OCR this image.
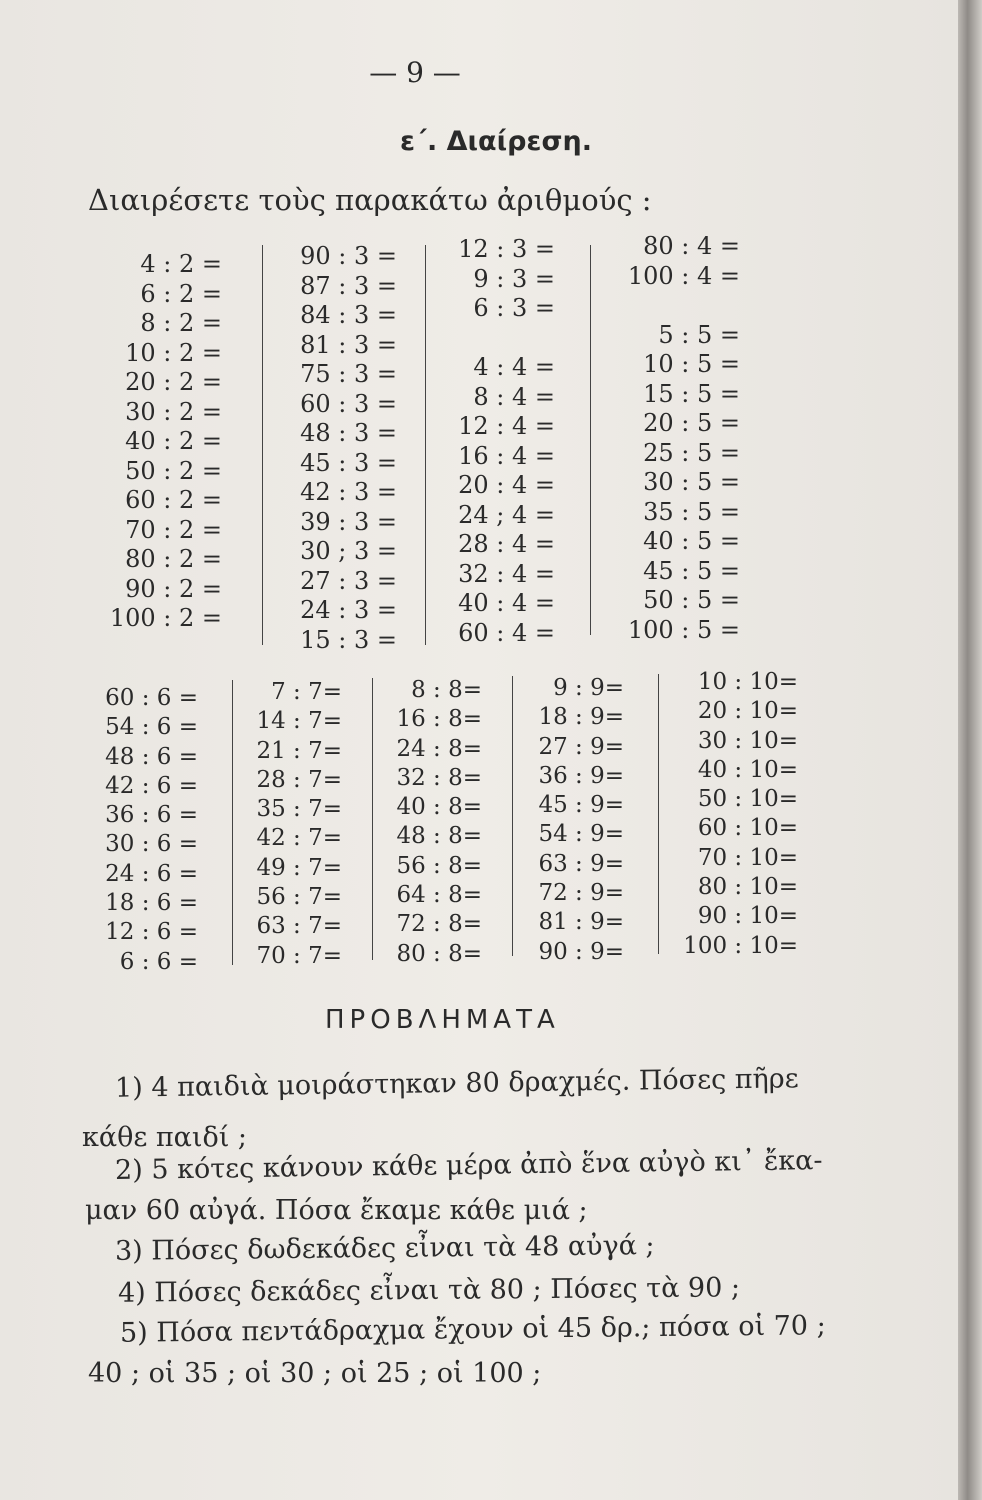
— 9 —
ε΄. Διαίρεση.
Διαιρέσετε τοὺς παρακάτω ἀριθμούς :
4 : 2 =
6 : 2 =
8 : 2 =
10 : 2 =
20 : 2 =
30 : 2 =
40 : 2 =
50 : 2 =
60 : 2 =
70 : 2 =
80 : 2 =
90 : 2 =
100 : 2 =
90 : 3 =
87 : 3 =
84 : 3 =
81 : 3 =
75 : 3 =
60 : 3 =
48 : 3 =
45 : 3 =
42 : 3 =
39 : 3 =
30 ; 3 =
27 : 3 =
24 : 3 =
15 : 3 =
12 : 3 =
9 : 3 =
6 : 3 =
4 : 4 =
8 : 4 =
12 : 4 =
16 : 4 =
20 : 4 =
24 ; 4 =
28 : 4 =
32 : 4 =
40 : 4 =
60 : 4 =
80 : 4 =
100 : 4 =
5 : 5 =
10 : 5 =
15 : 5 =
20 : 5 =
25 : 5 =
30 : 5 =
35 : 5 =
40 : 5 =
45 : 5 =
50 : 5 =
100 : 5 =
60 : 6 =
54 : 6 =
48 : 6 =
42 : 6 =
36 : 6 =
30 : 6 =
24 : 6 =
18 : 6 =
12 : 6 =
6 : 6 =
7 : 7=
14 : 7=
21 : 7=
28 : 7=
35 : 7=
42 : 7=
49 : 7=
56 : 7=
63 : 7=
70 : 7=
8 : 8=
16 : 8=
24 : 8=
32 : 8=
40 : 8=
48 : 8=
56 : 8=
64 : 8=
72 : 8=
80 : 8=
9 : 9=
18 : 9=
27 : 9=
36 : 9=
45 : 9=
54 : 9=
63 : 9=
72 : 9=
81 : 9=
90 : 9=
10 : 10=
20 : 10=
30 : 10=
40 : 10=
50 : 10=
60 : 10=
70 : 10=
80 : 10=
90 : 10=
100 : 10=
ΠΡΟΒΛΗΜΑΤΑ
1) 4 παιδιὰ μοιράστηκαν 80 δραχμές. Πόσες πῆρε
κάθε παιδί ;
2) 5 κότες κάνουν κάθε μέρα ἀπὸ ἕνα αὐγὸ κι᾽ ἔκα-
μαν 60 αὐγά. Πόσα ἔκαμε κάθε μιά ;
3) Πόσες δωδεκάδες εἶναι τὰ 48 αὐγά ;
4) Πόσες δεκάδες εἶναι τὰ 80 ; Πόσες τὰ 90 ;
5) Πόσα πεντάδραχμα ἔχουν οἱ 45 δρ.; πόσα οἱ 70 ;
40 ; οἱ 35 ; οἱ 30 ; οἱ 25 ; οἱ 100 ;
